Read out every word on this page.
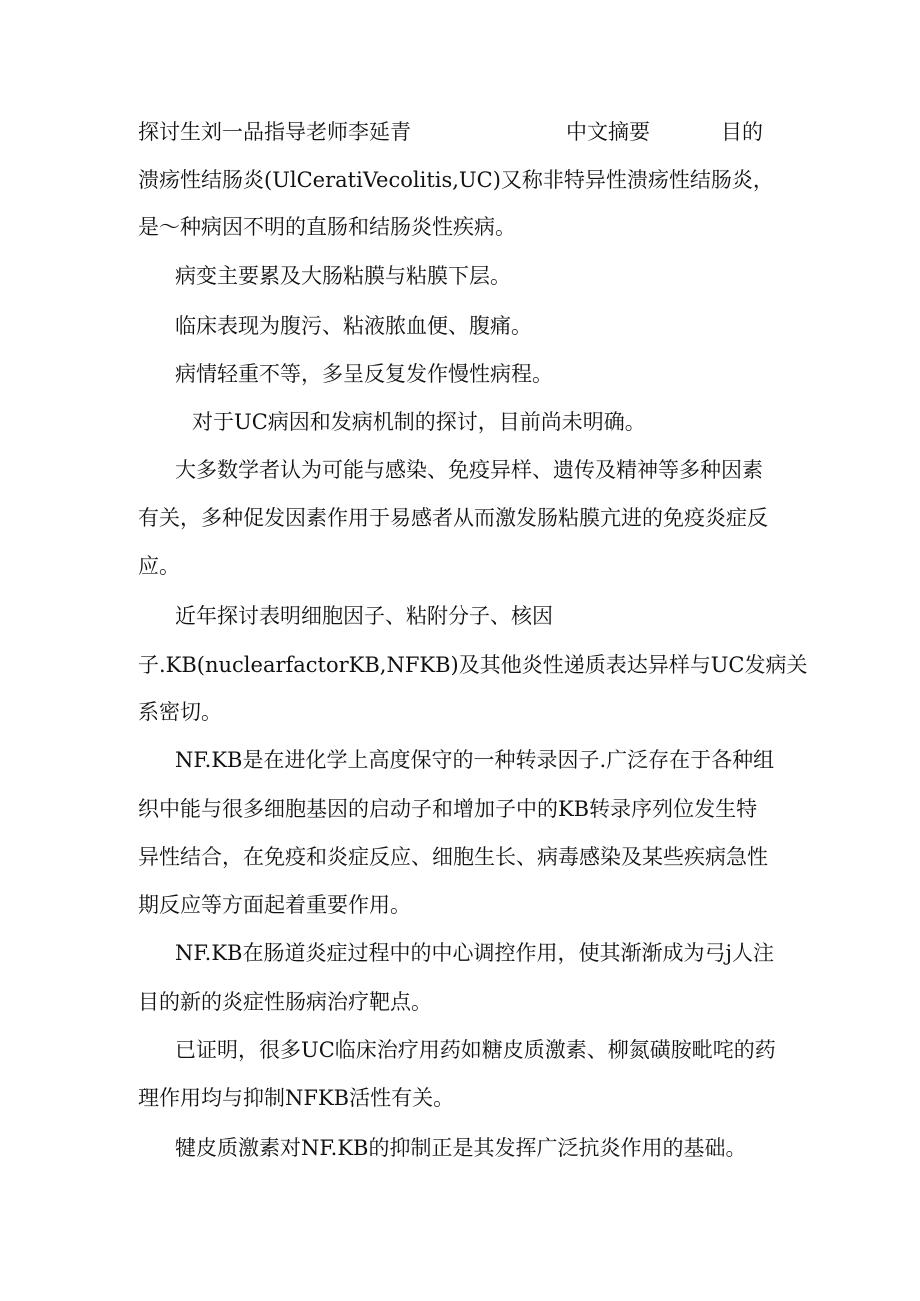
探讨生刘一品指导老师李延青	中文摘要	目的
溃疡性结肠炎(UlCeratiVecolitis,UC)又称非特异性溃疡性结肠炎，
是～种病因不明的直肠和结肠炎性疾病。
病变主要累及大肠粘膜与粘膜下层。
临床表现为腹污、粘液脓血便、腹痛。
病情轻重不等，多呈反复发作慢性病程。
对于UC病因和发病机制的探讨，目前尚未明确。
大多数学者认为可能与感染、免疫异样、遗传及精神等多种因素
有关，多种促发因素作用于易感者从而激发肠粘膜亢进的免疫炎症反
应。
近年探讨表明细胞因子、粘附分子、核因
子.KB(nuclearfactorKB,NFKB)及其他炎性递质表达异样与UC发病关
系密切。
NF.KB是在进化学上高度保守的一种转录因子.广泛存在于各种组
织中能与很多细胞基因的启动子和增加子中的KB转录序列位发生特
异性结合，在免疫和炎症反应、细胞生长、病毒感染及某些疾病急性
期反应等方面起着重要作用。
NF.KB在肠道炎症过程中的中心调控作用，使其渐渐成为弓j人注
目的新的炎症性肠病治疗靶点。
已证明，很多UC临床治疗用药如糖皮质激素、柳氮磺胺毗咤的药
理作用均与抑制NFKB活性有关。
犍皮质激素对NF.KB的抑制正是其发挥广泛抗炎作用的基础。
